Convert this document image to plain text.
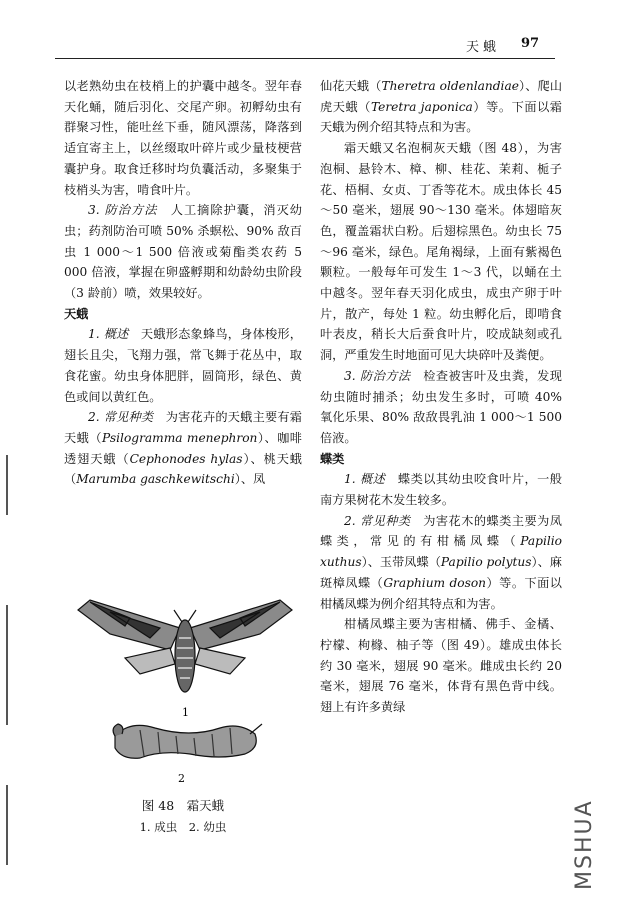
天蛾 97

以老熟幼虫在枝梢上的护囊中越冬。翌年春天化蛹，随后羽化、交尾产卵。初孵幼虫有群聚习性，能吐丝下垂，随风漂荡，降落到适宜寄主上，以丝缀取叶碎片或少量枝梗营囊护身。取食迁移时均负囊活动，多聚集于枝梢头为害，啃食叶片。

3. 防治方法　人工摘除护囊，消灭幼虫；药剂防治可喷 50% 杀螟松、90% 敌百虫 1 000～1 500 倍液或菊酯类农药 5 000 倍液，掌握在卵盛孵期和幼龄幼虫阶段（3 龄前）喷，效果较好。

天蛾

1. 概述　天蛾形态象蜂鸟，身体梭形，翅长且尖，飞翔力强，常飞舞于花丛中，取食花蜜。幼虫身体肥胖，圆筒形，绿色、黄色或间以黄红色。

2. 常见种类　为害花卉的天蛾主要有霜天蛾（Psilogramma menephron）、咖啡透翅天蛾（Cephonodes hylas）、桃天蛾（Marumba gaschkewitschi）、凤

1
2
图 48　霜天蛾
1. 成虫　2. 幼虫

仙花天蛾（Theretra oldenlandiae）、爬山虎天蛾（Teretra japonica）等。下面以霜天蛾为例介绍其特点和为害。

霜天蛾又名泡桐灰天蛾（图 48），为害泡桐、悬铃木、樟、柳、桂花、茉莉、栀子花、梧桐、女贞、丁香等花木。成虫体长 45～50 毫米，翅展 90～130 毫米。体翅暗灰色，覆盖霜状白粉。后翅棕黑色。幼虫长 75～96 毫米，绿色。尾角褐绿，上面有紫褐色颗粒。一般每年可发生 1～3 代，以蛹在土中越冬。翌年春天羽化成虫，成虫产卵于叶片，散产，每处 1 粒。幼虫孵化后，即啃食叶表皮，稍长大后蚕食叶片，咬成缺刻或孔洞，严重发生时地面可见大块碎叶及粪便。

3. 防治方法　检查被害叶及虫粪，发现幼虫随时捕杀；幼虫发生多时，可喷 40% 氧化乐果、80% 敌敌畏乳油 1 000～1 500 倍液。

蝶类

1. 概述　蝶类以其幼虫咬食叶片，一般南方果树花木发生较多。

2. 常见种类　为害花木的蝶类主要为凤蝶类，常见的有柑橘凤蝶（Papilio xuthus）、玉带凤蝶（Papilio polytus）、麻斑樟凤蝶（Graphium doson）等。下面以柑橘凤蝶为例介绍其特点和为害。

柑橘凤蝶主要为害柑橘、佛手、金橘、柠檬、枸橼、柚子等（图 49）。雄成虫体长约 30 毫米，翅展 90 毫米。雌成虫长约 20 毫米，翅展 76 毫米，体背有黑色背中线。翅上有许多黄绿

MSHUA
